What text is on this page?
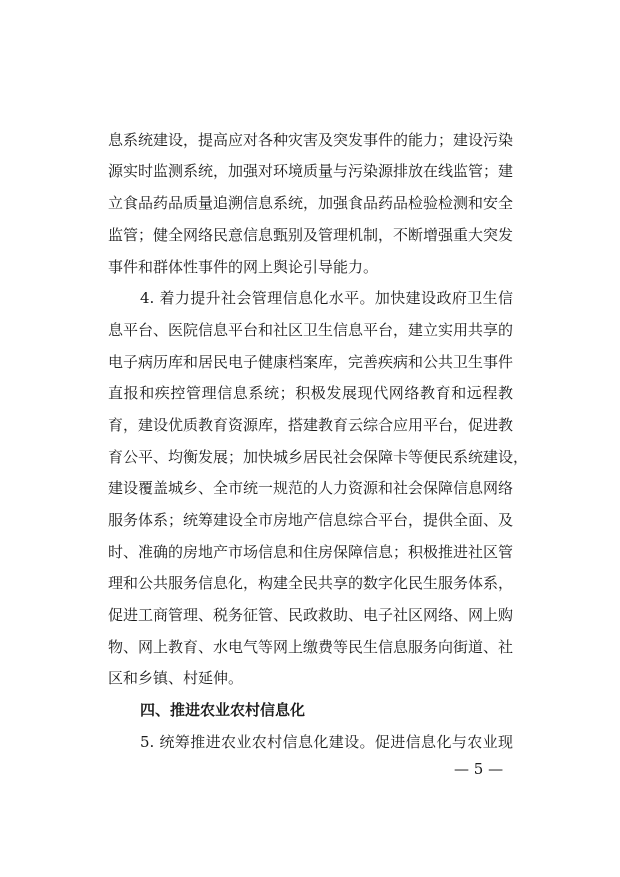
息系统建设，提高应对各种灾害及突发事件的能力；建设污染
源实时监测系统，加强对环境质量与污染源排放在线监管；建
立食品药品质量追溯信息系统，加强食品药品检验检测和安全
监管；健全网络民意信息甄别及管理机制，不断增强重大突发
事件和群体性事件的网上舆论引导能力。
4. 着力提升社会管理信息化水平。加快建设政府卫生信
息平台、医院信息平台和社区卫生信息平台，建立实用共享的
电子病历库和居民电子健康档案库，完善疾病和公共卫生事件
直报和疾控管理信息系统；积极发展现代网络教育和远程教
育，建设优质教育资源库，搭建教育云综合应用平台，促进教
育公平、均衡发展；加快城乡居民社会保障卡等便民系统建设，
建设覆盖城乡、全市统一规范的人力资源和社会保障信息网络
服务体系；统筹建设全市房地产信息综合平台，提供全面、及
时、准确的房地产市场信息和住房保障信息；积极推进社区管
理和公共服务信息化，构建全民共享的数字化民生服务体系，
促进工商管理、税务征管、民政救助、电子社区网络、网上购
物、网上教育、水电气等网上缴费等民生信息服务向街道、社
区和乡镇、村延伸。
四、推进农业农村信息化
5. 统筹推进农业农村信息化建设。促进信息化与农业现
— 5 —
